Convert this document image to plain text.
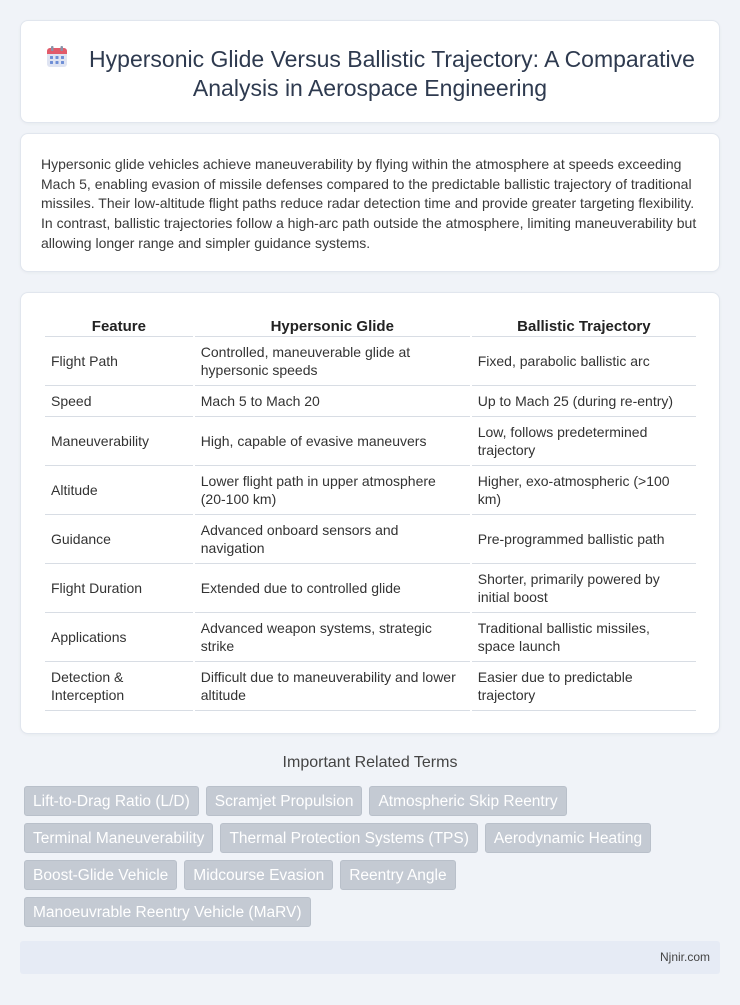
Hypersonic Glide Versus Ballistic Trajectory: A Comparative Analysis in Aerospace Engineering

Hypersonic glide vehicles achieve maneuverability by flying within the atmosphere at speeds exceeding Mach 5, enabling evasion of missile defenses compared to the predictable ballistic trajectory of traditional missiles. Their low-altitude flight paths reduce radar detection time and provide greater targeting flexibility. In contrast, ballistic trajectories follow a high-arc path outside the atmosphere, limiting maneuverability but allowing longer range and simpler guidance systems.

Feature	Hypersonic Glide	Ballistic Trajectory
Flight Path	Controlled, maneuverable glide at hypersonic speeds	Fixed, parabolic ballistic arc
Speed	Mach 5 to Mach 20	Up to Mach 25 (during re-entry)
Maneuverability	High, capable of evasive maneuvers	Low, follows predetermined trajectory
Altitude	Lower flight path in upper atmosphere (20-100 km)	Higher, exo-atmospheric (>100 km)
Guidance	Advanced onboard sensors and navigation	Pre-programmed ballistic path
Flight Duration	Extended due to controlled glide	Shorter, primarily powered by initial boost
Applications	Advanced weapon systems, strategic strike	Traditional ballistic missiles, space launch
Detection & Interception	Difficult due to maneuverability and lower altitude	Easier due to predictable trajectory
Important Related Terms
Lift-to-Drag Ratio (L/D)	Scramjet Propulsion	Atmospheric Skip Reentry
Terminal Maneuverability	Thermal Protection Systems (TPS)	Aerodynamic Heating
Boost-Glide Vehicle	Midcourse Evasion	Reentry Angle
Manoeuvrable Reentry Vehicle (MaRV)
Njnir.com
